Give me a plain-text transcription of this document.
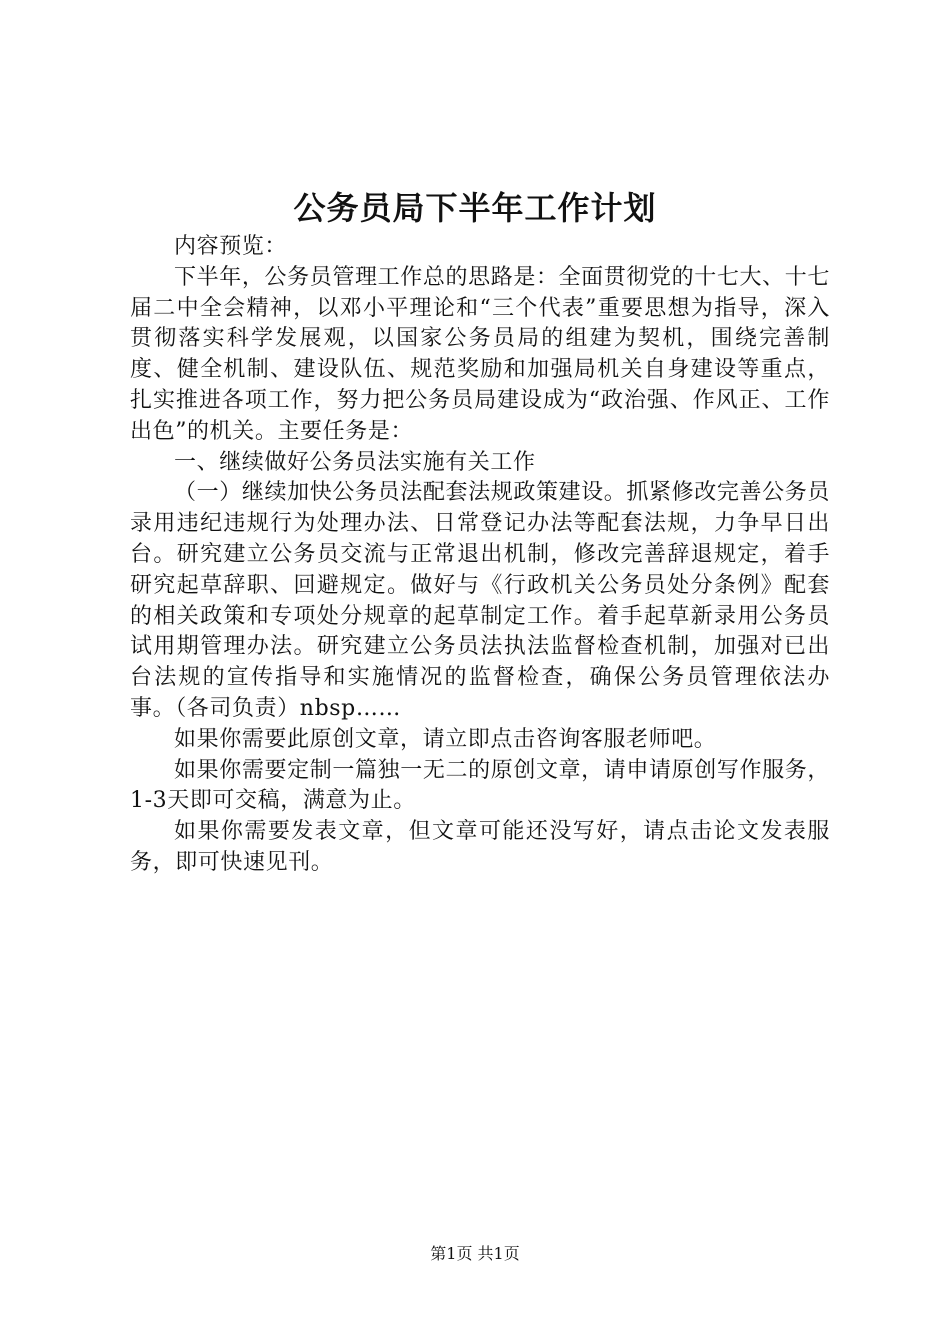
公务员局下半年工作计划

内容预览：

下半年，公务员管理工作总的思路是：全面贯彻党的十七大、十七届二中全会精神，以邓小平理论和“三个代表”重要思想为指导，深入贯彻落实科学发展观，以国家公务员局的组建为契机，围绕完善制度、健全机制、建设队伍、规范奖励和加强局机关自身建设等重点，扎实推进各项工作，努力把公务员局建设成为“政治强、作风正、工作出色”的机关。主要任务是：

一、继续做好公务员法实施有关工作

（一）继续加快公务员法配套法规政策建设。抓紧修改完善公务员录用违纪违规行为处理办法、日常登记办法等配套法规，力争早日出台。研究建立公务员交流与正常退出机制，修改完善辞退规定，着手研究起草辞职、回避规定。做好与《行政机关公务员处分条例》配套的相关政策和专项处分规章的起草制定工作。着手起草新录用公务员试用期管理办法。研究建立公务员法执法监督检查机制，加强对已出台法规的宣传指导和实施情况的监督检查，确保公务员管理依法办事。（各司负责）nbsp……

如果你需要此原创文章，请立即点击咨询客服老师吧。

如果你需要定制一篇独一无二的原创文章，请申请原创写作服务，1-3天即可交稿，满意为止。

如果你需要发表文章，但文章可能还没写好，请点击论文发表服务，即可快速见刊。

第1页 共1页
